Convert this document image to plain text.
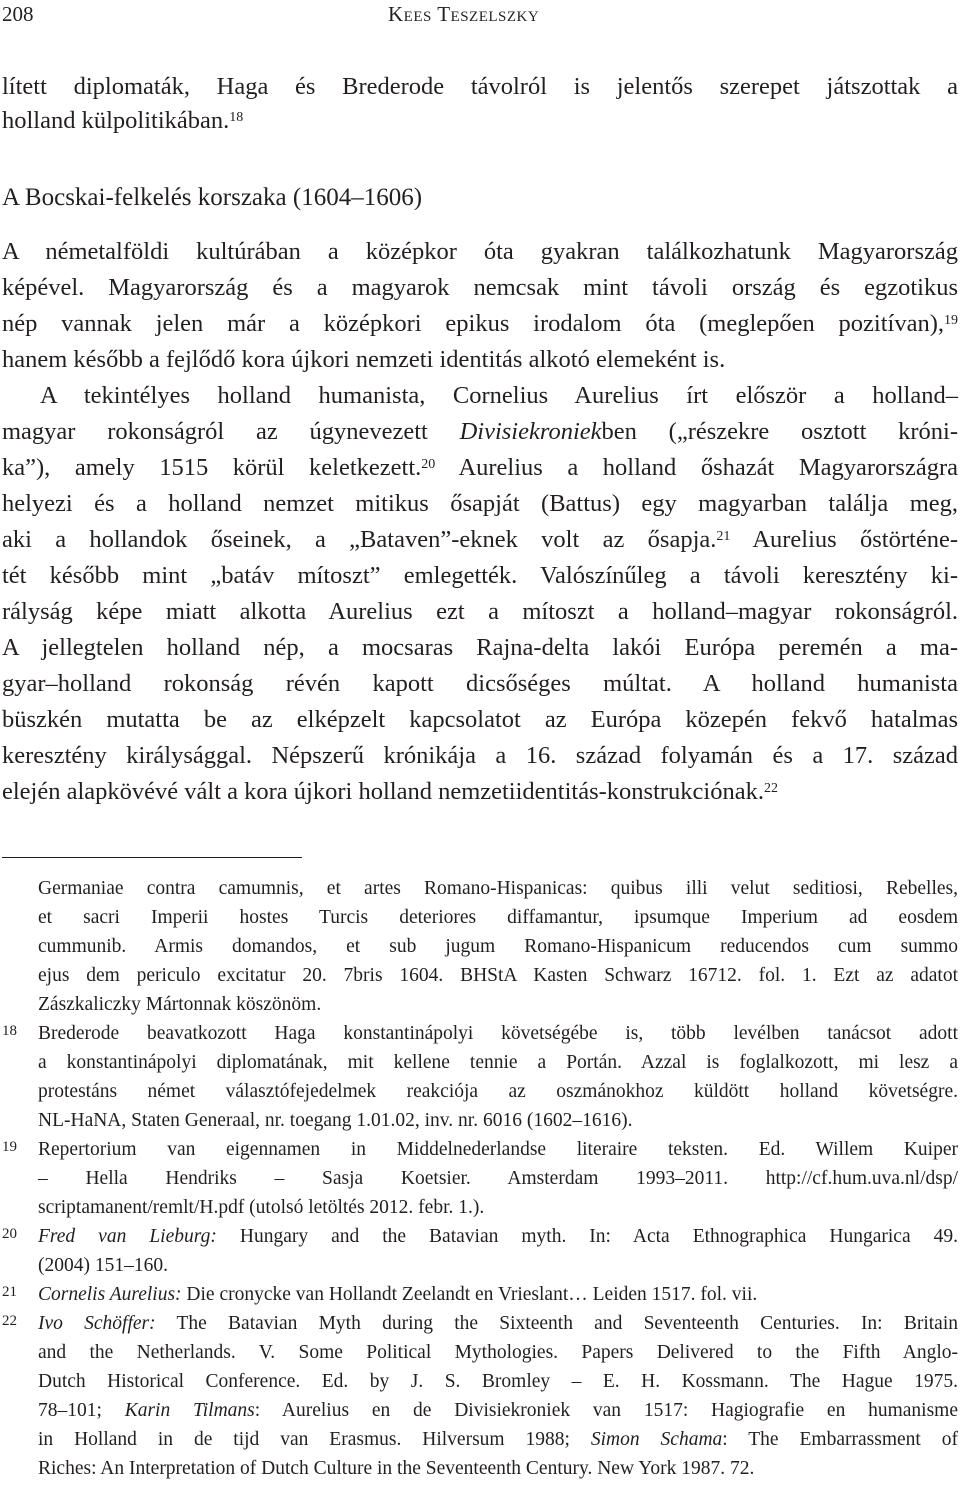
208	Kees Teszelszky
lített diplomaták, Haga és Brederode távolról is jelentős szerepet játszottak a
holland külpolitikában.$^{18}$
A Bocskai-felkelés korszaka (1604–1606)
A németalföldi kultúrában a középkor óta gyakran találkozhatunk Magyarország
képével. Magyarország és a magyarok nemcsak mint távoli ország és egzotikus
nép vannak jelen már a középkori epikus irodalom óta (meglepően pozitívan),$^{19}$
hanem később a fejlődő kora újkori nemzeti identitás alkotó elemeként is.
A tekintélyes holland humanista, Cornelius Aurelius írt először a holland–
magyar rokonságról az úgynevezett Divisiekroniekben („részekre osztott króni-
ka”), amely 1515 körül keletkezett.$^{20}$ Aurelius a holland őshazát Magyarországra
helyezi és a holland nemzet mitikus ősapját (Battus) egy magyarban találja meg,
aki a hollandok őseinek, a „Bataven”-eknek volt az ősapja.$^{21}$ Aurelius őstörténe-
tét később mint „batáv mítoszt” emlegették. Valószínűleg a távoli keresztény ki-
rályság képe miatt alkotta Aurelius ezt a mítoszt a holland–magyar rokonságról.
A jellegtelen holland nép, a mocsaras Rajna-delta lakói Európa peremén a ma-
gyar–holland rokonság révén kapott dicsőséges múltat. A holland humanista
büszkén mutatta be az elképzelt kapcsolatot az Európa közepén fekvő hatalmas
keresztény királysággal. Népszerű krónikája a 16. század folyamán és a 17. század
elején alapkövévé vált a kora újkori holland nemzetiidentitás-konstrukciónak.$^{22}$
Germaniae contra camumnis, et artes Romano-Hispanicas: quibus illi velut seditiosi, Rebelles,
et sacri Imperii hostes Turcis deteriores diffamantur, ipsumque Imperium ad eosdem
cummunib. Armis domandos, et sub jugum Romano-Hispanicum reducendos cum summo
ejus dem periculo excitatur 20. 7bris 1604. BHStA Kasten Schwarz 16712. fol. 1. Ezt az adatot
Zászkaliczky Mártonnak köszönöm.
18 Brederode beavatkozott Haga konstantinápolyi követségébe is, több levélben tanácsot adott
a konstantinápolyi diplomatának, mit kellene tennie a Portán. Azzal is foglalkozott, mi lesz a
protestáns német választófejedelmek reakciója az oszmánokhoz küldött holland követségre.
NL-HaNA, Staten Generaal, nr. toegang 1.01.02, inv. nr. 6016 (1602–1616).
19 Repertorium van eigennamen in Middelnederlandse literaire teksten. Ed. Willem Kuiper
– Hella Hendriks – Sasja Koetsier. Amsterdam 1993–2011. http://cf.hum.uva.nl/dsp/
scriptamanent/remlt/H.pdf (utolsó letöltés 2012. febr. 1.).
20 Fred van Lieburg: Hungary and the Batavian myth. In: Acta Ethnographica Hungarica 49.
(2004) 151–160.
21 Cornelis Aurelius: Die cronycke van Hollandt Zeelandt en Vrieslant… Leiden 1517. fol. vii.
22 Ivo Schöffer: The Batavian Myth during the Sixteenth and Seventeenth Centuries. In: Britain
and the Netherlands. V. Some Political Mythologies. Papers Delivered to the Fifth Anglo-
Dutch Historical Conference. Ed. by J. S. Bromley – E. H. Kossmann. The Hague 1975.
78–101; Karin Tilmans: Aurelius en de Divisiekroniek van 1517: Hagiografie en humanisme
in Holland in de tijd van Erasmus. Hilversum 1988; Simon Schama: The Embarrassment of
Riches: An Interpretation of Dutch Culture in the Seventeenth Century. New York 1987. 72.
